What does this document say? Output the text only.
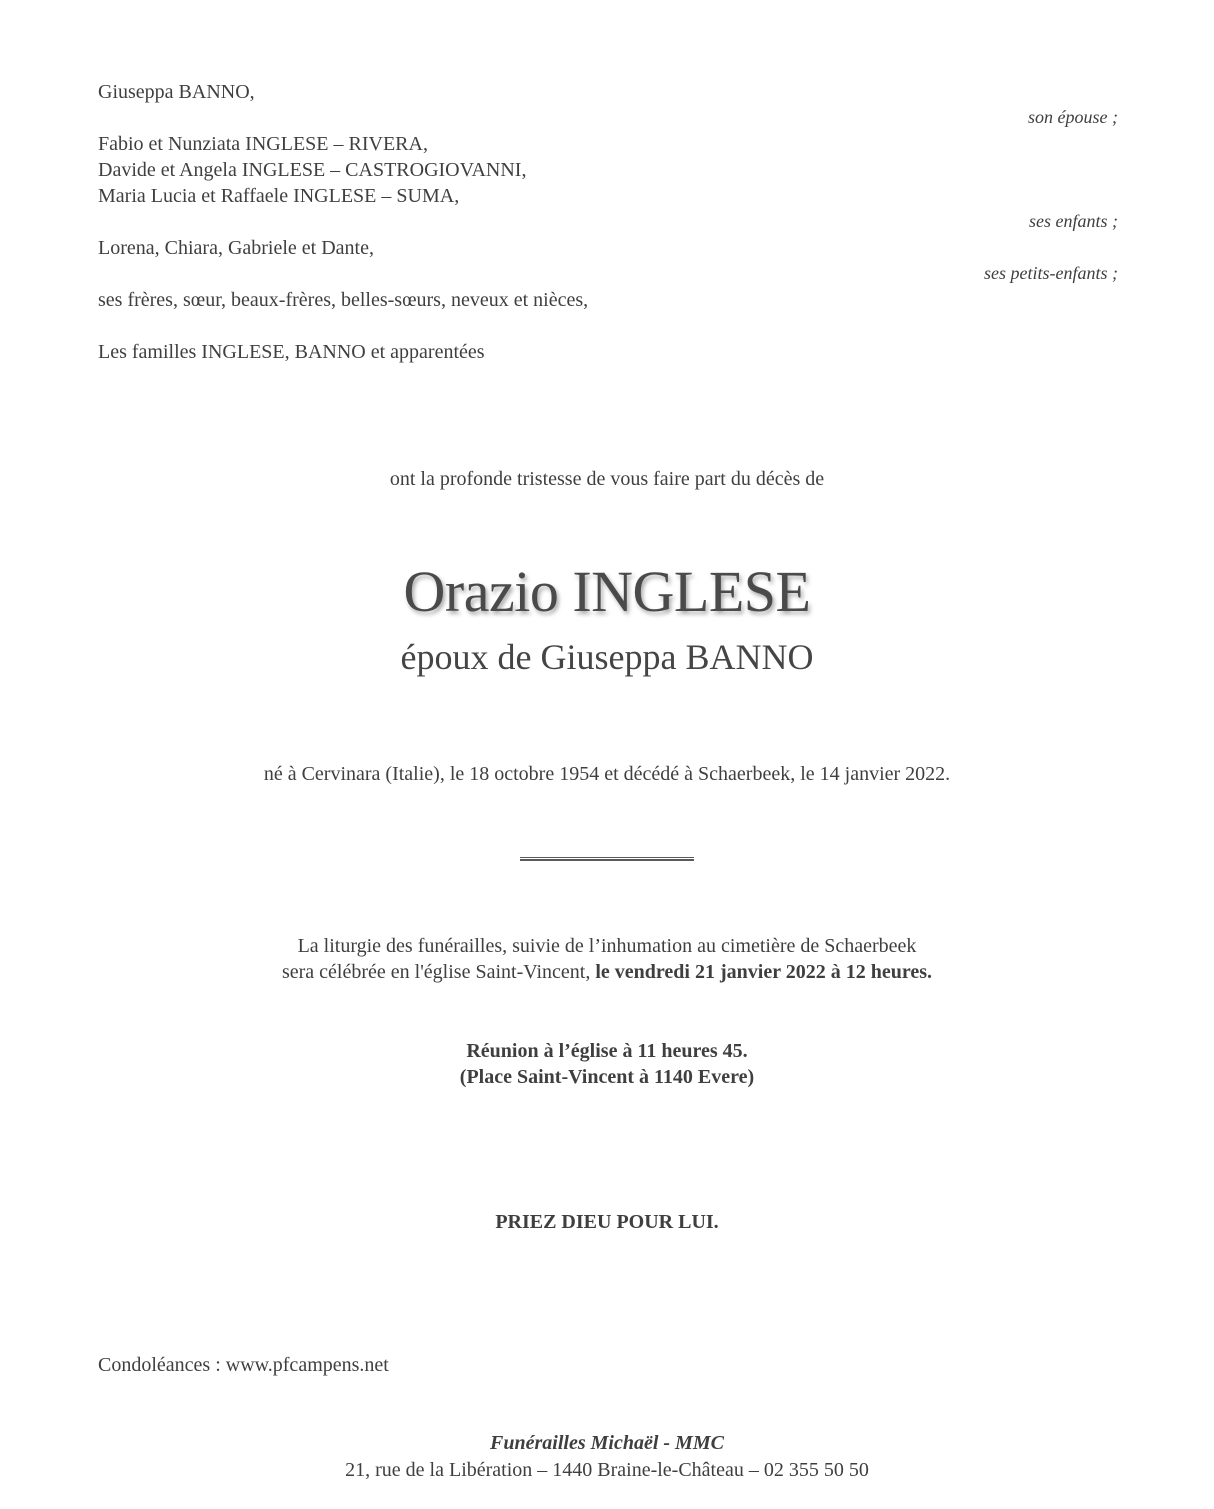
Giuseppa BANNO,
son épouse ;
Fabio et Nunziata INGLESE – RIVERA,
Davide et Angela INGLESE – CASTROGIOVANNI,
Maria Lucia et Raffaele INGLESE – SUMA,
ses enfants ;
Lorena, Chiara, Gabriele et Dante,
ses petits-enfants ;
ses frères, sœur, beaux-frères, belles-sœurs, neveux et nièces,
Les familles INGLESE, BANNO et apparentées
ont la profonde tristesse de vous faire part du décès de
Orazio INGLESE
époux de Giuseppa BANNO
né à Cervinara (Italie), le 18 octobre 1954 et décédé à Schaerbeek, le 14 janvier 2022.
La liturgie des funérailles, suivie de l’inhumation au cimetière de Schaerbeek
sera célébrée en l'église Saint-Vincent, le vendredi 21 janvier 2022 à 12 heures.
Réunion à l’église à 11 heures 45.
(Place Saint-Vincent à 1140 Evere)
PRIEZ DIEU POUR LUI.
Condoléances : www.pfcampens.net
Funérailles Michaël - MMC
21, rue de la Libération – 1440 Braine-le-Château – 02 355 50 50
